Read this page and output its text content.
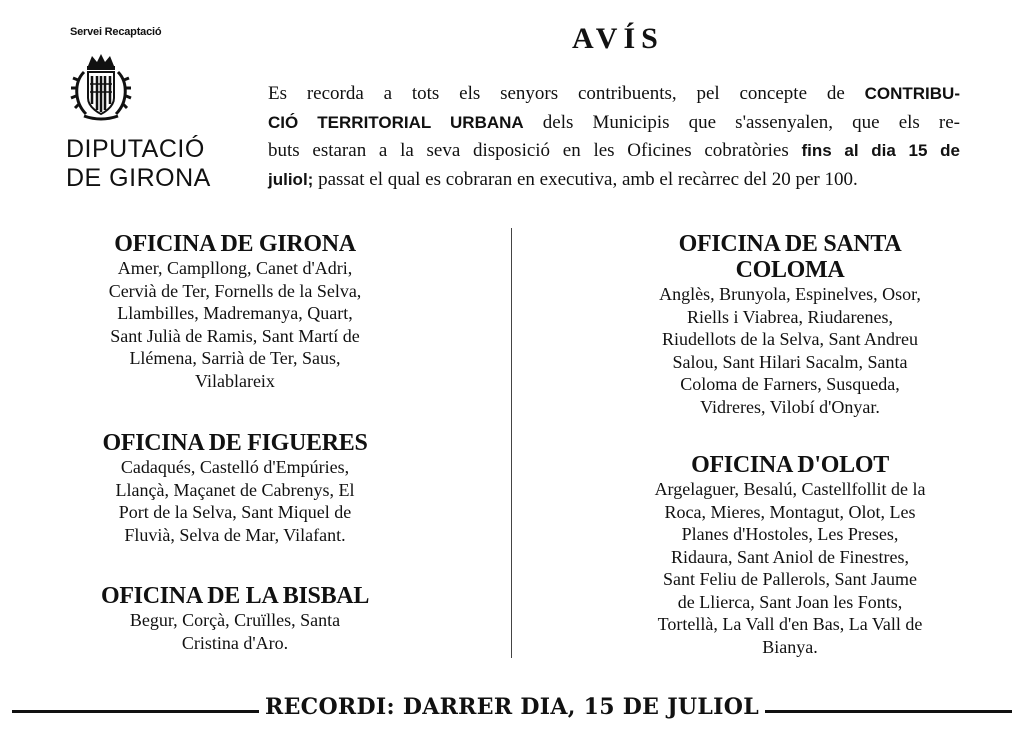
Servei Recaptació
DIPUTACIÓ
DE GIRONA
AVÍS
Es recorda a tots els senyors contribuents, pel concepte de CONTRIBU-
CIÓ TERRITORIAL URBANA dels Municipis que s'assenyalen, que els re-
buts estaran a la seva disposició en les Oficines cobratòries fins al dia 15 de
juliol; passat el qual es cobraran en executiva, amb el recàrrec del 20 per 100.
OFICINA DE GIRONA
Amer, Campllong, Canet d'Adri,
Cervià de Ter, Fornells de la Selva,
Llambilles, Madremanya, Quart,
Sant Julià de Ramis, Sant Martí de
Llémena, Sarrià de Ter, Saus,
Vilablareix
OFICINA DE FIGUERES
Cadaqués, Castelló d'Empúries,
Llançà, Maçanet de Cabrenys, El
Port de la Selva, Sant Miquel de
Fluvià, Selva de Mar, Vilafant.
OFICINA DE LA BISBAL
Begur, Corçà, Cruïlles, Santa
Cristina d'Aro.
OFICINA DE SANTA
COLOMA
Anglès, Brunyola, Espinelves, Osor,
Riells i Viabrea, Riudarenes,
Riudellots de la Selva, Sant Andreu
Salou, Sant Hilari Sacalm, Santa
Coloma de Farners, Susqueda,
Vidreres, Vilobí d'Onyar.
OFICINA D'OLOT
Argelaguer, Besalú, Castellfollit de la
Roca, Mieres, Montagut, Olot, Les
Planes d'Hostoles, Les Preses,
Ridaura, Sant Aniol de Finestres,
Sant Feliu de Pallerols, Sant Jaume
de Llierca, Sant Joan les Fonts,
Tortellà, La Vall d'en Bas, La Vall de
Bianya.
RECORDI: DARRER DIA, 15 DE JULIOL
